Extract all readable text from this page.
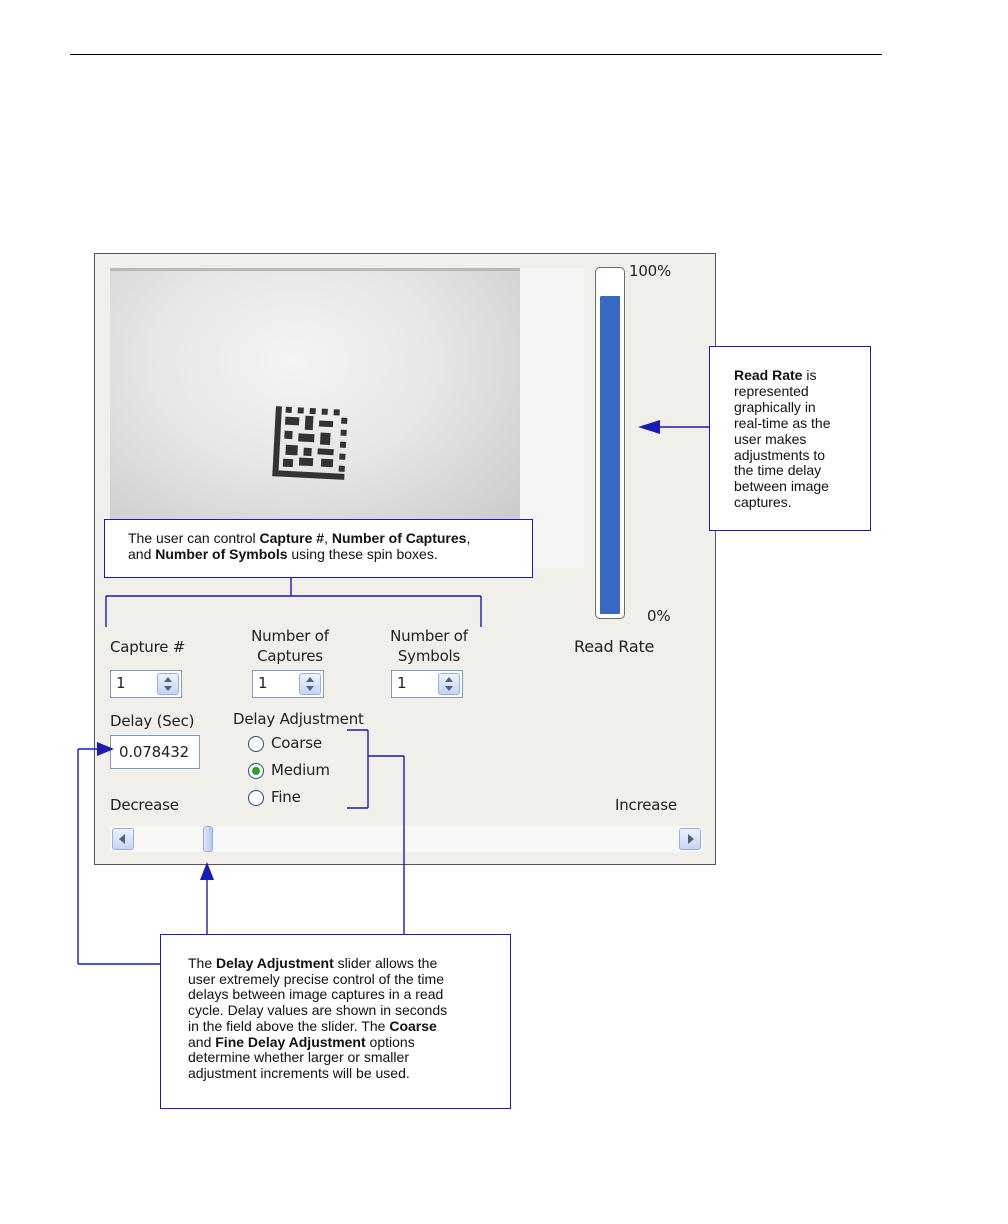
100%
0%
Read Rate
Capture #
Number of
Captures
Number of
Symbols
1	1	1
Delay (Sec)
0.078432
Delay Adjustment
Coarse
Medium
Fine
Decrease	Increase
The user can control Capture #, Number of Captures,
and Number of Symbols using these spin boxes.
Read Rate is
represented
graphically in
real-time as the
user makes
adjustments to
the time delay
between image
captures.
The Delay Adjustment slider allows the
user extremely precise control of the time
delays between image captures in a read
cycle. Delay values are shown in seconds
in the field above the slider. The Coarse
and Fine Delay Adjustment options
determine whether larger or smaller
adjustment increments will be used.
